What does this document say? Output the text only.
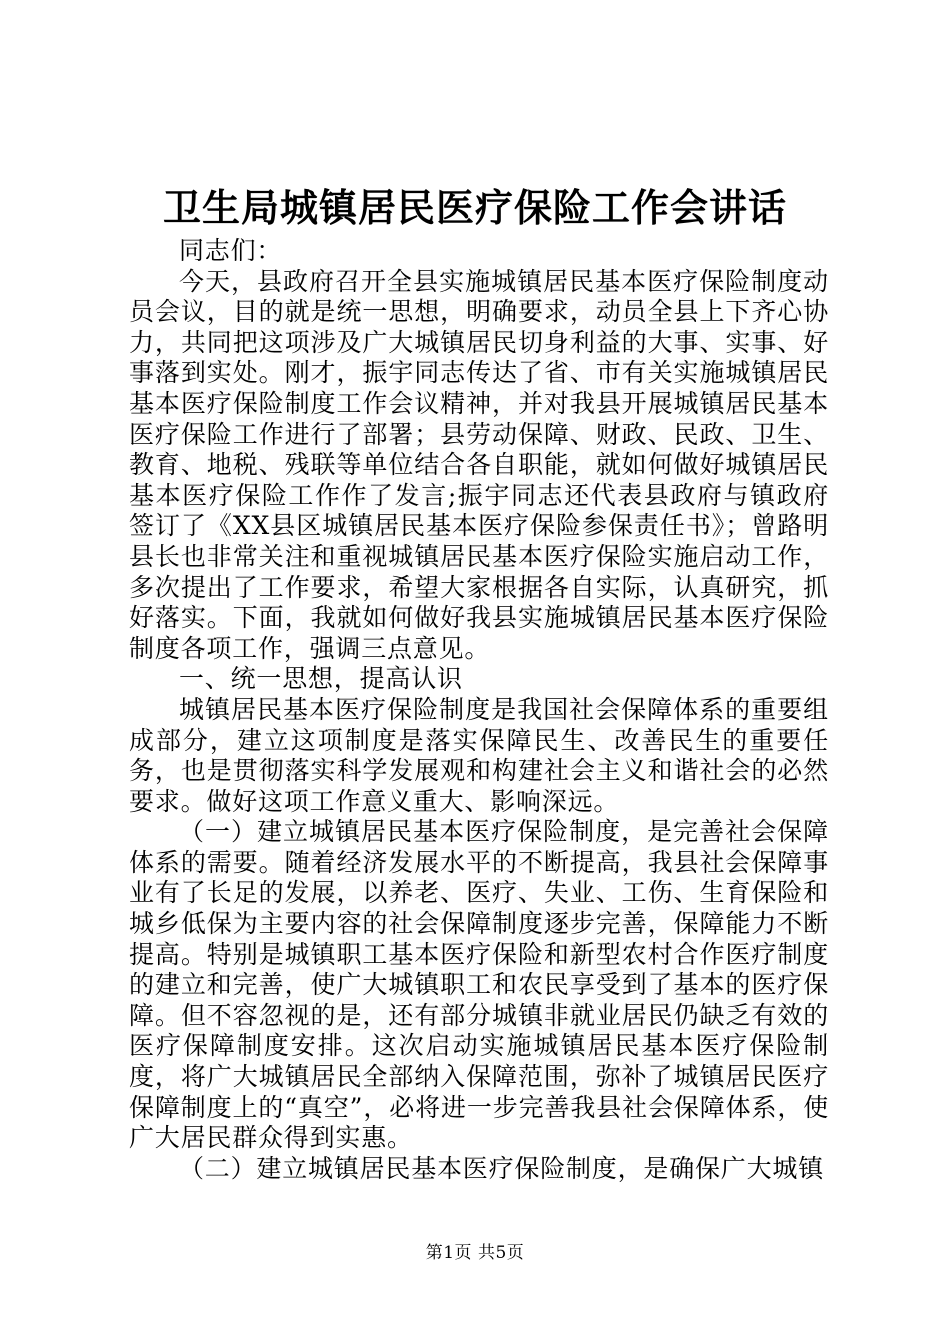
卫生局城镇居民医疗保险工作会讲话

同志们：

今天，县政府召开全县实施城镇居民基本医疗保险制度动员会议，目的就是统一思想，明确要求，动员全县上下齐心协力，共同把这项涉及广大城镇居民切身利益的大事、实事、好事落到实处。刚才，振宇同志传达了省、市有关实施城镇居民基本医疗保险制度工作会议精神，并对我县开展城镇居民基本医疗保险工作进行了部署；县劳动保障、财政、民政、卫生、教育、地税、残联等单位结合各自职能，就如何做好城镇居民基本医疗保险工作作了发言;振宇同志还代表县政府与镇政府签订了《XX县区城镇居民基本医疗保险参保责任书》；曾路明县长也非常关注和重视城镇居民基本医疗保险实施启动工作，多次提出了工作要求，希望大家根据各自实际，认真研究，抓好落实。下面，我就如何做好我县实施城镇居民基本医疗保险制度各项工作，强调三点意见。

一、统一思想，提高认识

城镇居民基本医疗保险制度是我国社会保障体系的重要组成部分，建立这项制度是落实保障民生、改善民生的重要任务，也是贯彻落实科学发展观和构建社会主义和谐社会的必然要求。做好这项工作意义重大、影响深远。

（一）建立城镇居民基本医疗保险制度，是完善社会保障体系的需要。随着经济发展水平的不断提高，我县社会保障事业有了长足的发展，以养老、医疗、失业、工伤、生育保险和城乡低保为主要内容的社会保障制度逐步完善，保障能力不断提高。特别是城镇职工基本医疗保险和新型农村合作医疗制度的建立和完善，使广大城镇职工和农民享受到了基本的医疗保障。但不容忽视的是，还有部分城镇非就业居民仍缺乏有效的医疗保障制度安排。这次启动实施城镇居民基本医疗保险制度，将广大城镇居民全部纳入保障范围，弥补了城镇居民医疗保障制度上的“真空”，必将进一步完善我县社会保障体系，使广大居民群众得到实惠。

（二）建立城镇居民基本医疗保险制度，是确保广大城镇

第1页 共5页
